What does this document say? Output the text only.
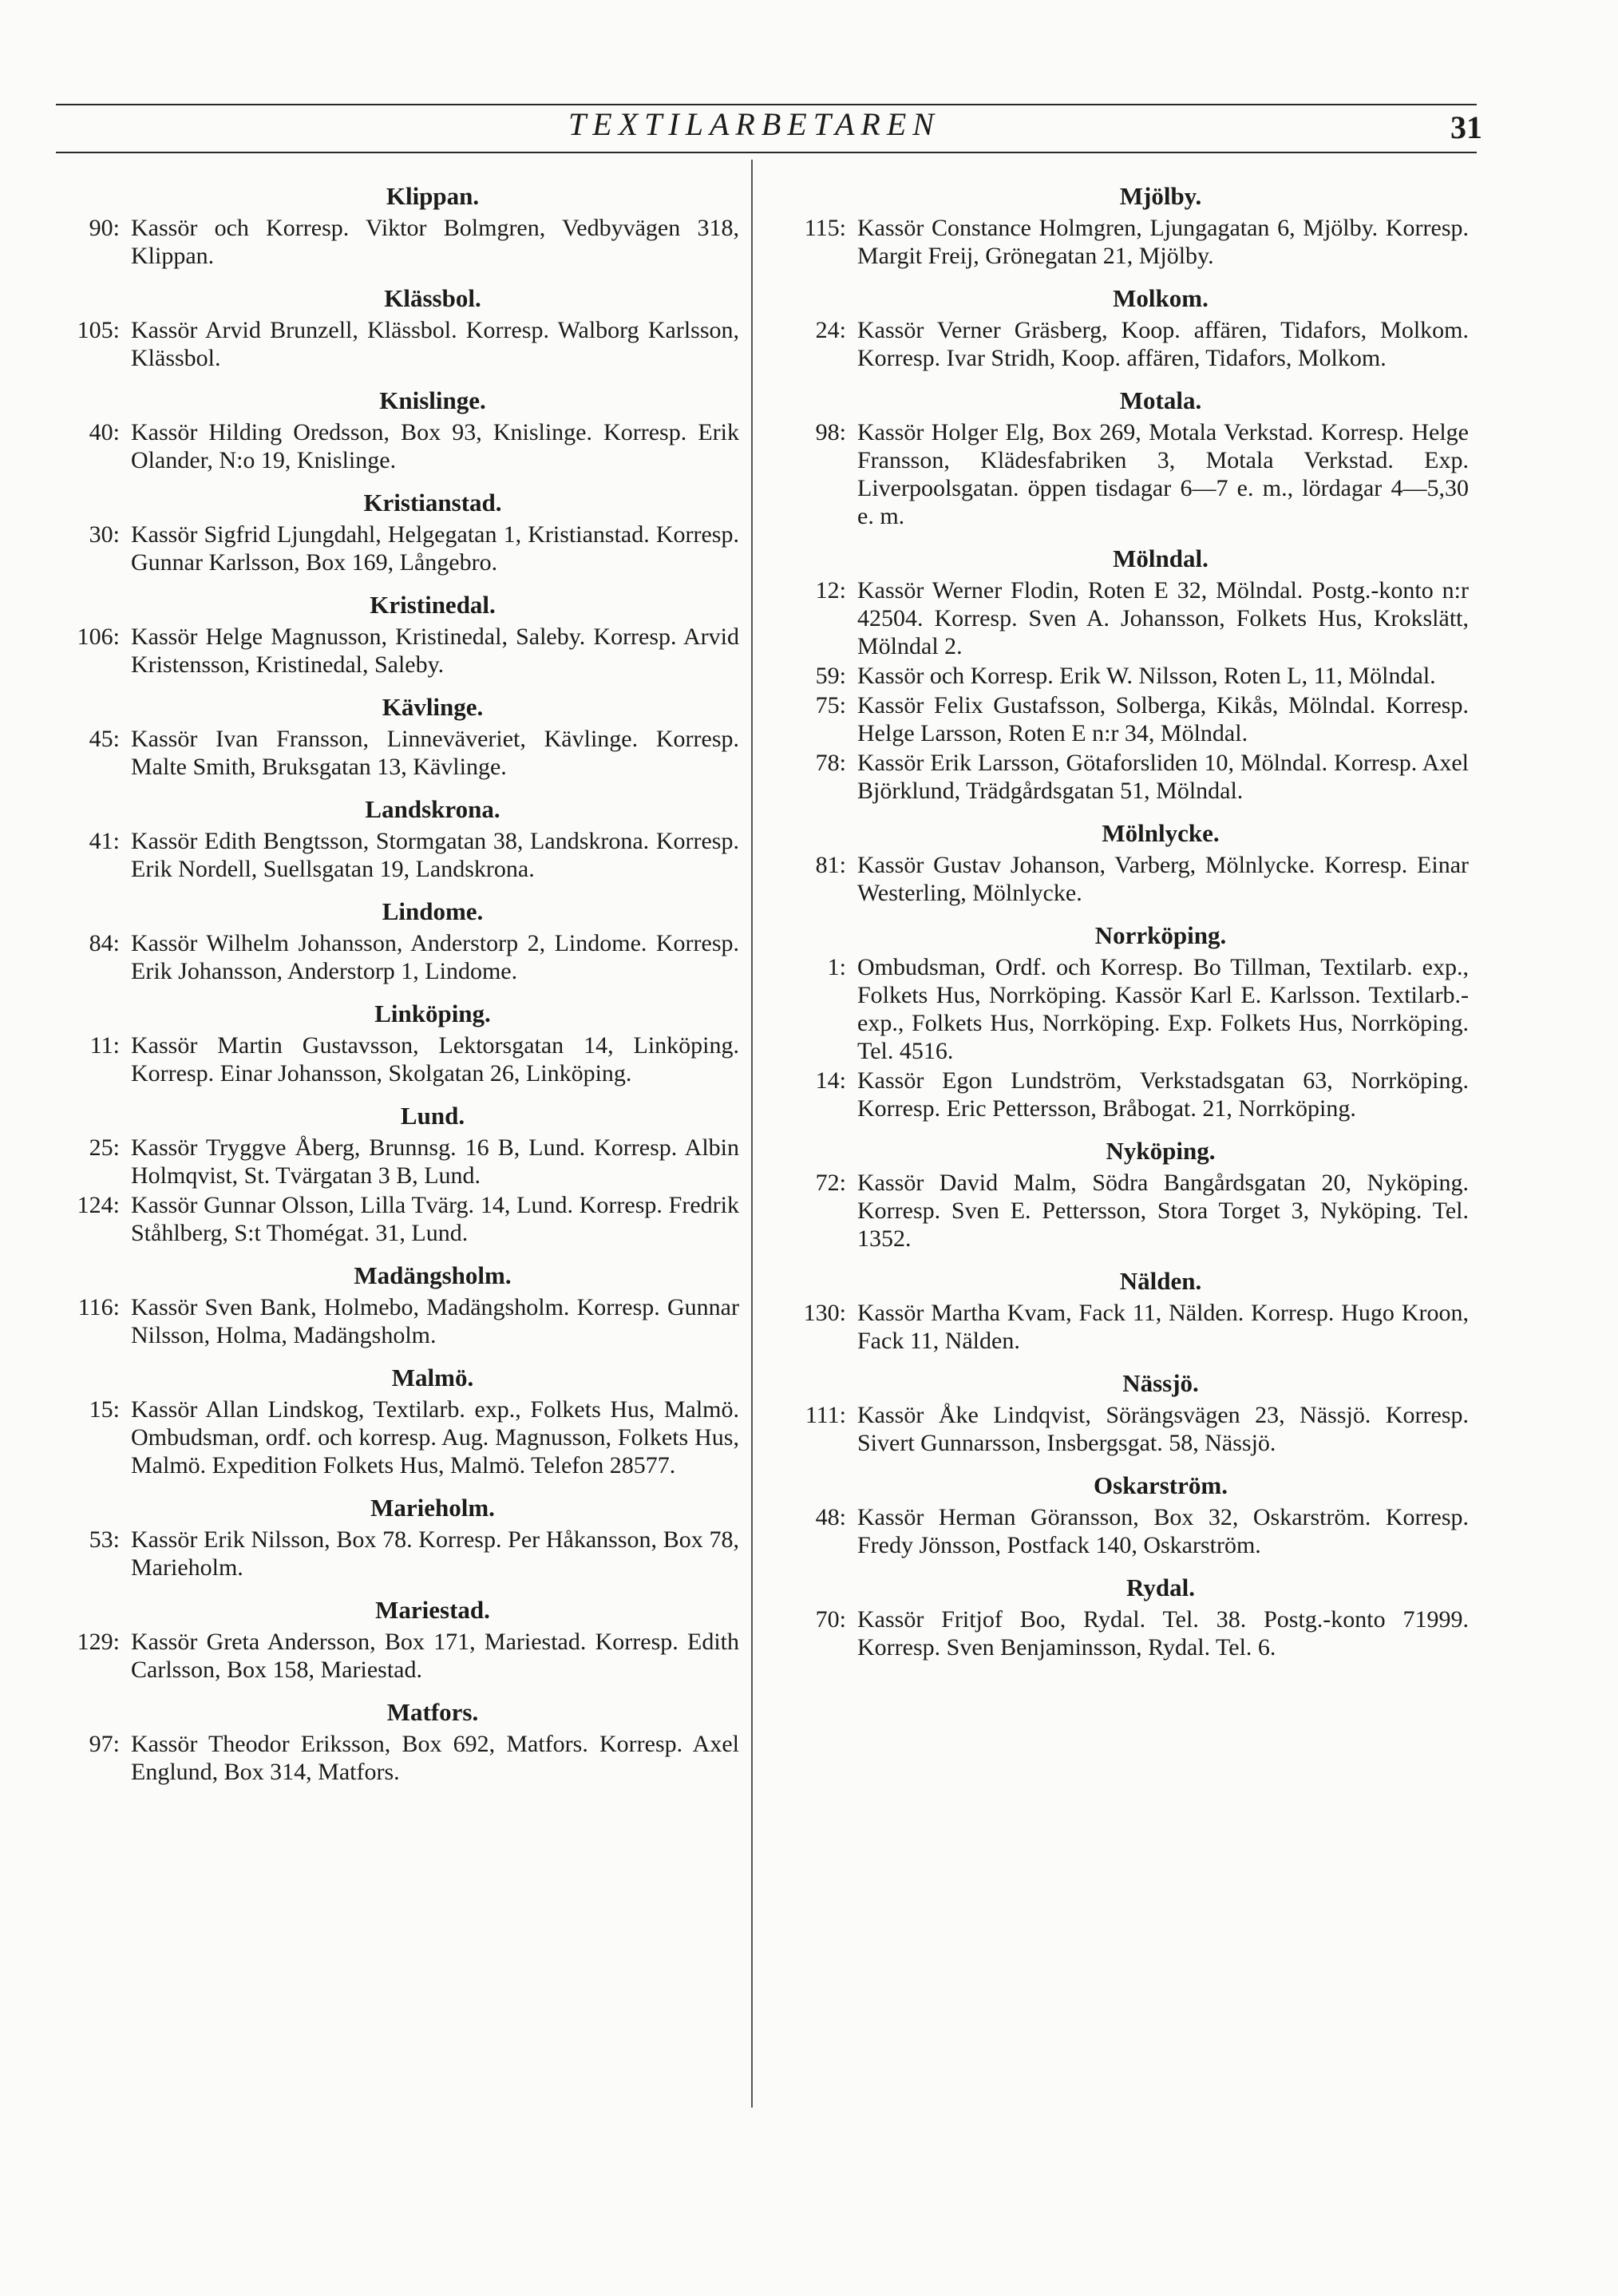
TEXTILARBETAREN	31
Klippan.
90: Kassör och Korresp. Viktor Bolmgren, Vedbyvägen 318, Klippan.
Klässbol.
105: Kassör Arvid Brunzell, Klässbol. Korresp. Walborg Karlsson, Klässbol.
Knislinge.
40: Kassör Hilding Oredsson, Box 93, Knislinge. Korresp. Erik Olander, N:o 19, Knislinge.
Kristianstad.
30: Kassör Sigfrid Ljungdahl, Helgegatan 1, Kristianstad. Korresp. Gunnar Karlsson, Box 169, Långebro.
Kristinedal.
106: Kassör Helge Magnusson, Kristinedal, Saleby. Korresp. Arvid Kristensson, Kristinedal, Saleby.
Kävlinge.
45: Kassör Ivan Fransson, Linneväveriet, Kävlinge. Korresp. Malte Smith, Bruksgatan 13, Kävlinge.
Landskrona.
41: Kassör Edith Bengtsson, Stormgatan 38, Landskrona. Korresp. Erik Nordell, Suellsgatan 19, Landskrona.
Lindome.
84: Kassör Wilhelm Johansson, Anderstorp 2, Lindome. Korresp. Erik Johansson, Anderstorp 1, Lindome.
Linköping.
11: Kassör Martin Gustavsson, Lektorsgatan 14, Linköping. Korresp. Einar Johansson, Skolgatan 26, Linköping.
Lund.
25: Kassör Tryggve Åberg, Brunnsg. 16 B, Lund. Korresp. Albin Holmqvist, St. Tvärgatan 3 B, Lund.
124: Kassör Gunnar Olsson, Lilla Tvärg. 14, Lund. Korresp. Fredrik Ståhlberg, S:t Thomégat. 31, Lund.
Madängsholm.
116: Kassör Sven Bank, Holmebo, Madängsholm. Korresp. Gunnar Nilsson, Holma, Madängsholm.
Malmö.
15: Kassör Allan Lindskog, Textilarb. exp., Folkets Hus, Malmö. Ombudsman, ordf. och korresp. Aug. Magnusson, Folkets Hus, Malmö. Expedition Folkets Hus, Malmö. Telefon 28577.
Marieholm.
53: Kassör Erik Nilsson, Box 78. Korresp. Per Håkansson, Box 78, Marieholm.
Mariestad.
129: Kassör Greta Andersson, Box 171, Mariestad. Korresp. Edith Carlsson, Box 158, Mariestad.
Matfors.
97: Kassör Theodor Eriksson, Box 692, Matfors. Korresp. Axel Englund, Box 314, Matfors.
Mjölby.
115: Kassör Constance Holmgren, Ljungagatan 6, Mjölby. Korresp. Margit Freij, Grönegatan 21, Mjölby.
Molkom.
24: Kassör Verner Gräsberg, Koop. affären, Tidafors, Molkom. Korresp. Ivar Stridh, Koop. affären, Tidafors, Molkom.
Motala.
98: Kassör Holger Elg, Box 269, Motala Verkstad. Korresp. Helge Fransson, Klädesfabriken 3, Motala Verkstad. Exp. Liverpoolsgatan. öppen tisdagar 6—7 e. m., lördagar 4—5,30 e. m.
Mölndal.
12: Kassör Werner Flodin, Roten E 32, Mölndal. Postg.-konto n:r 42504. Korresp. Sven A. Johansson, Folkets Hus, Krokslätt, Mölndal 2.
59: Kassör och Korresp. Erik W. Nilsson, Roten L, 11, Mölndal.
75: Kassör Felix Gustafsson, Solberga, Kikås, Mölndal. Korresp. Helge Larsson, Roten E n:r 34, Mölndal.
78: Kassör Erik Larsson, Götaforsliden 10, Mölndal. Korresp. Axel Björklund, Trädgårdsgatan 51, Mölndal.
Mölnlycke.
81: Kassör Gustav Johanson, Varberg, Mölnlycke. Korresp. Einar Westerling, Mölnlycke.
Norrköping.
1: Ombudsman, Ordf. och Korresp. Bo Tillman, Textilarb. exp., Folkets Hus, Norrköping. Kassör Karl E. Karlsson. Textilarb.-exp., Folkets Hus, Norrköping. Exp. Folkets Hus, Norrköping. Tel. 4516.
14: Kassör Egon Lundström, Verkstadsgatan 63, Norrköping. Korresp. Eric Pettersson, Bråbogat. 21, Norrköping.
Nyköping.
72: Kassör David Malm, Södra Bangårdsgatan 20, Nyköping. Korresp. Sven E. Pettersson, Stora Torget 3, Nyköping. Tel. 1352.
Nälden.
130: Kassör Martha Kvam, Fack 11, Nälden. Korresp. Hugo Kroon, Fack 11, Nälden.
Nässjö.
111: Kassör Åke Lindqvist, Sörängsvägen 23, Nässjö. Korresp. Sivert Gunnarsson, Insbergsgat. 58, Nässjö.
Oskarström.
48: Kassör Herman Göransson, Box 32, Oskarström. Korresp. Fredy Jönsson, Postfack 140, Oskarström.
Rydal.
70: Kassör Fritjof Boo, Rydal. Tel. 38. Postg.-konto 71999. Korresp. Sven Benjaminsson, Rydal. Tel. 6.
